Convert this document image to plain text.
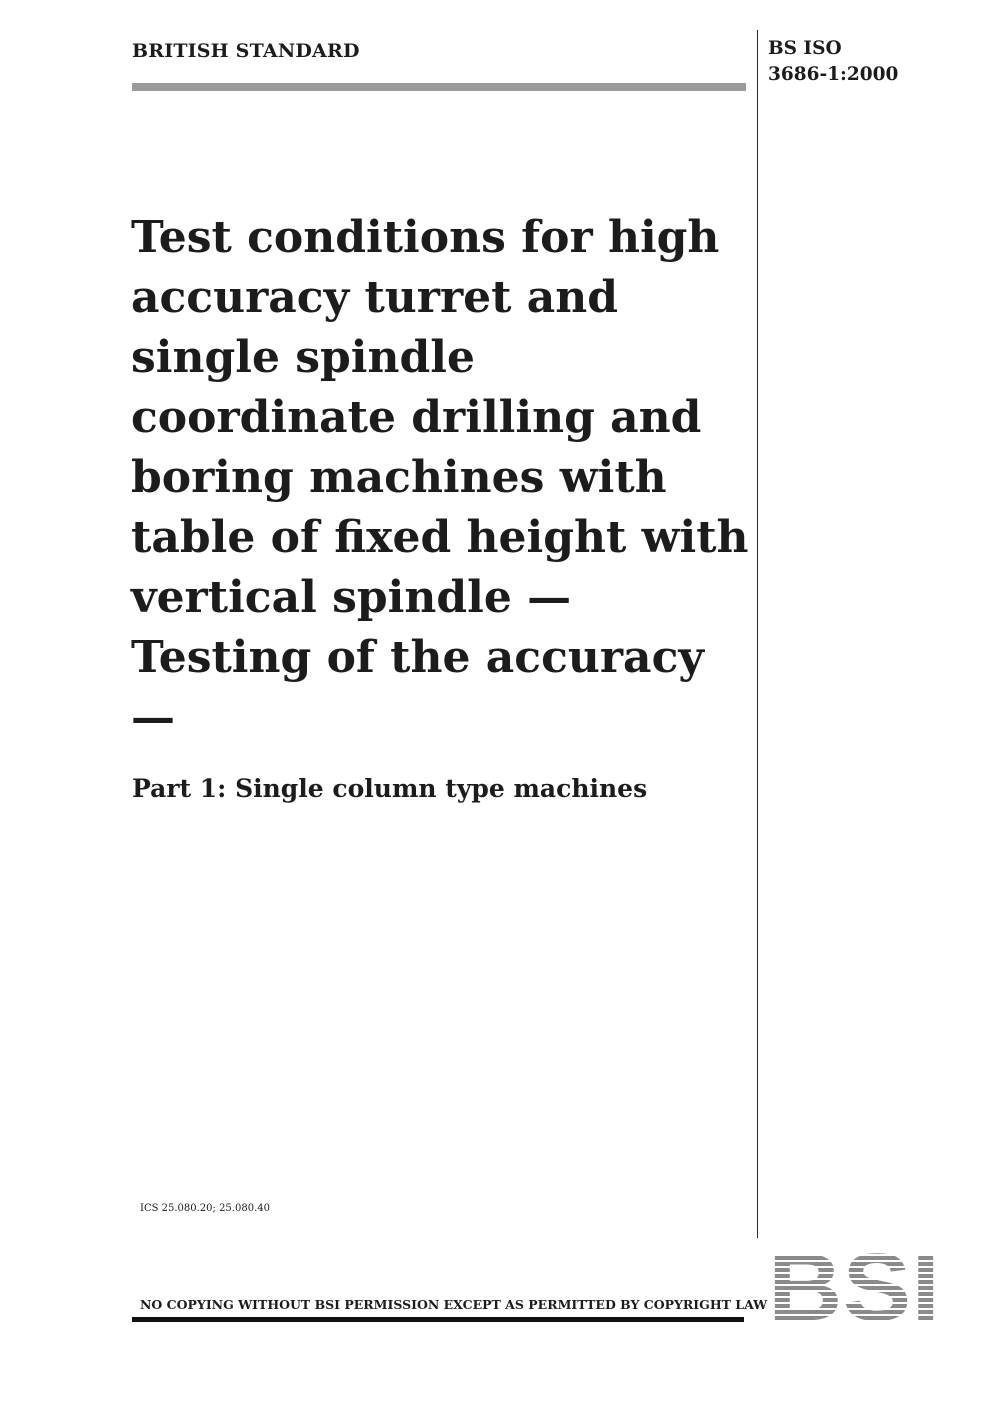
BRITISH STANDARD	BS ISO
3686-1:2000
Test conditions for high accuracy turret and single spindle coordinate drilling and boring machines with table of fixed height with vertical spindle — Testing of the accuracy —
Part 1: Single column type machines
ICS 25.080.20; 25.080.40
NO COPYING WITHOUT BSI PERMISSION EXCEPT AS PERMITTED BY COPYRIGHT LAW BSI
